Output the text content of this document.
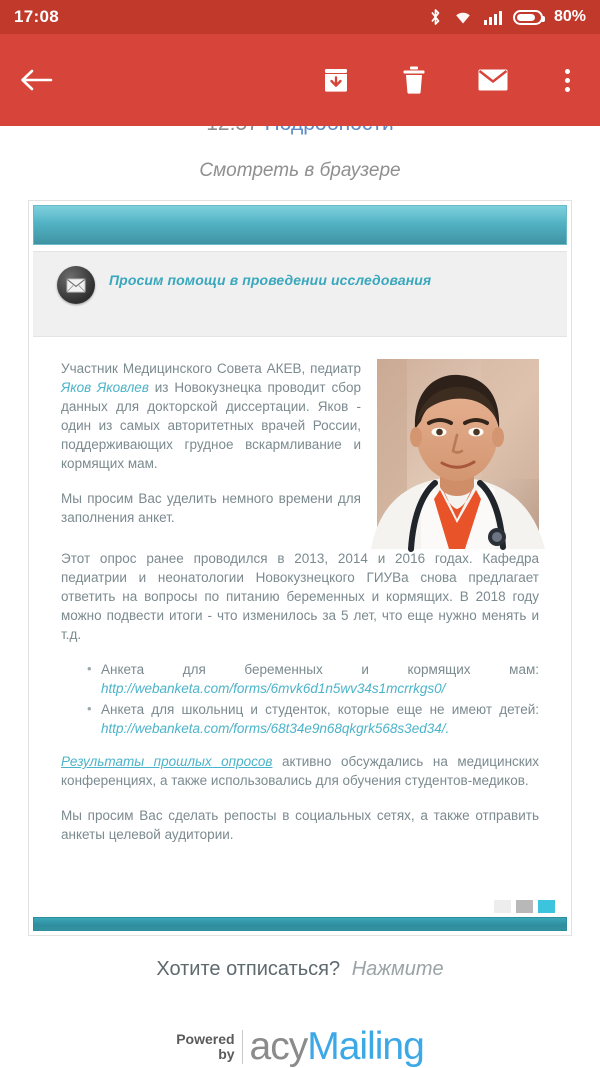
17:08	80%
Смотреть в браузере
Просим помощи в проведении исследования

Участник Медицинского Совета АКЕВ, педиатр Яков Яковлев из Новокузнецка проводит сбор данных для докторской диссертации. Яков - один из самых авторитетных врачей России, поддерживающих грудное вскармливание и кормящих мам.

Мы просим Вас уделить немного времени для заполнения анкет.

Этот опрос ранее проводился в 2013, 2014 и 2016 годах. Кафедра педиатрии и неонатологии Новокузнецкого ГИУВа снова предлагает ответить на вопросы по питанию беременных и кормящих. В 2018 году можно подвести итоги - что изменилось за 5 лет, что еще нужно менять и т.д.

• Анкета для беременных и кормящих мам: http://webanketa.com/forms/6mvk6d1n5wv34s1mcrrkgs0/
• Анкета для школьниц и студенток, которые еще не имеют детей: http://webanketa.com/forms/68t34e9n68qkgrk568s3ed34/.

Результаты прошлых опросов активно обсуждались на медицинских конференциях, а также использовались для обучения студентов-медиков.

Мы просим Вас сделать репосты в социальных сетях, а также отправить анкеты целевой аудитории.

Хотите отписаться? Нажмите
Powered
by acyMailing
